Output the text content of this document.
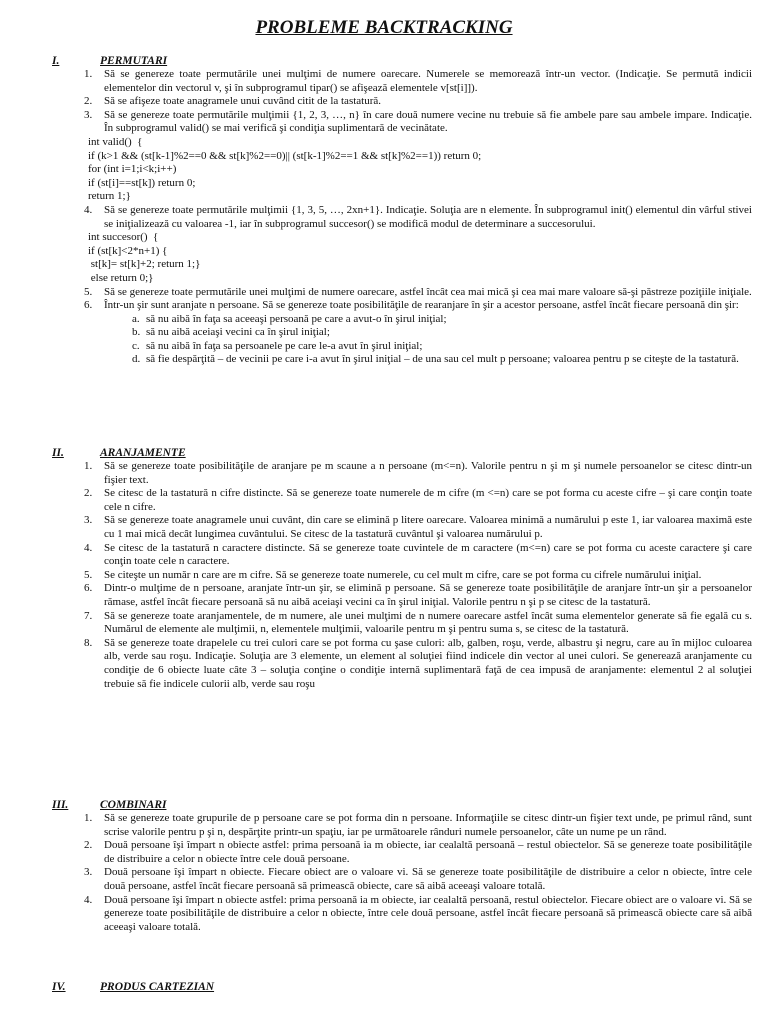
PROBLEME BACKTRACKING
I.	PERMUTARI
1.	Să se genereze toate permutările unei mulţimi de numere oarecare. Numerele se memorează într-un vector. (Indicaţie. Se permută indicii elementelor din vectorul v, şi în subprogramul tipar() se afişează elementele v[st[i]]).
2.	Să se afişeze toate anagramele unui cuvând citit de la tastatură.
3.	Să se genereze toate permutările mulţimii {1, 2, 3, …, n} în care două numere vecine nu trebuie să fie ambele pare sau ambele impare. Indicaţie. În subprogramul valid() se mai verifică şi condiţia suplimentară de vecinătate.
int valid()  {
if (k>1 && (st[k-1]%2==0 && st[k]%2==0)|| (st[k-1]%2==1 && st[k]%2==1)) return 0;
for (int i=1;i<k;i++)
if (st[i]==st[k]) return 0;
return 1;}
4.	Să se genereze toate permutările mulţimii {1, 3, 5, …, 2xn+1}. Indicaţie. Soluţia are n elemente. În subprogramul init() elementul din vârful stivei se iniţializează cu valoarea -1, iar în subprogramul succesor() se modifică modul de determinare a succesorului.
int succesor()  {
if (st[k]<2*n+1) {
st[k]= st[k]+2; return 1;}
else return 0;}
5.	Să se genereze toate permutările unei mulţimi de numere oarecare, astfel încât cea mai mică şi cea mai mare valoare să-şi păstreze poziţiile iniţiale.
6.	Într-un şir sunt aranjate n persoane. Să se genereze toate posibilităţile de rearanjare în şir a acestor persoane, astfel încât fiecare persoană din şir:
a. să nu aibă în faţa sa aceeaşi persoană pe care a avut-o în şirul iniţial;
b. să nu aibă aceiaşi vecini ca în şirul iniţial;
c. să nu aibă în faţa sa persoanele pe care le-a avut în şirul iniţial;
d. să fie despărţită – de vecinii pe care i-a avut în şirul iniţial – de una sau cel mult p persoane; valoarea pentru p se citeşte de la tastatură.
II.	ARANJAMENTE
1.	Să se genereze toate posibilităţile de aranjare pe m scaune a n persoane (m<=n). Valorile pentru n şi m şi numele persoanelor se citesc dintr-un fişier text.
2.	Se citesc de la tastatură n cifre distincte. Să se genereze toate numerele de m cifre (m <=n) care se pot forma cu aceste cifre – şi care conţin toate cele n cifre.
3.	Să se genereze toate anagramele unui cuvânt, din care se elimină p litere oarecare. Valoarea minimă a numărului p este 1, iar valoarea maximă este cu 1 mai mică decât lungimea cuvântului. Se citesc de la tastatură cuvântul şi valoarea numărului p.
4.	Se citesc de la tastatură n caractere distincte. Să se genereze toate cuvintele de m caractere (m<=n) care se pot forma cu aceste caractere şi care conţin toate cele n caractere.
5.	Se citeşte un număr n care are m cifre. Să se genereze toate numerele, cu cel mult m cifre, care se pot forma cu cifrele numărului iniţial.
6.	Dintr-o mulţime de n persoane, aranjate într-un şir, se elimină p persoane. Să se genereze toate posibilităţile de aranjare într-un şir a persoanelor rămase, astfel încât fiecare persoană să nu aibă aceiaşi vecini ca în şirul iniţial. Valorile pentru n şi p se citesc de la tastatură.
7.	Să se genereze toate aranjamentele, de m numere, ale unei mulţimi de n numere oarecare astfel încât suma elementelor generate să fie egală cu s. Numărul de elemente ale mulţimii, n, elementele mulţimii, valoarile pentru m şi pentru suma s, se citesc de la tastatură.
8.	Să se genereze toate drapelele cu trei culori care se pot forma cu şase culori: alb, galben, roşu, verde, albastru şi negru, care au în mijloc culoarea alb, verde sau roşu. Indicaţie. Soluţia are 3 elemente, un element al soluţiei fiind indicele din vector al unei culori. Se generează aranjamente cu condiţie de 6 obiecte luate câte 3 – soluţia conţine o condiţie internă suplimentară faţă de cea impusă de aranjamente: elementul 2 al soluţiei trebuie să fie indicele culorii alb, verde sau roşu
III.	COMBINARI
1.	Să se genereze toate grupurile de p persoane care se pot forma din n persoane. Informaţiile se citesc dintr-un fişier text unde, pe primul rând, sunt scrise valorile pentru p şi n, despărţite printr-un spaţiu, iar pe următoarele rânduri numele persoanelor, câte un nume pe un rând.
2.	Două persoane îşi împart n obiecte astfel: prima persoană ia m obiecte, iar cealaltă persoană – restul obiectelor. Să se genereze toate posibilităţile de distribuire a celor n obiecte între cele două persoane.
3.	Două persoane îşi împart n obiecte. Fiecare obiect are o valoare vi. Să se genereze toate posibilităţile de distribuire a celor n obiecte, între cele două persoane, astfel încât fiecare persoană să primească obiecte, care să aibă aceeaşi valoare totală.
4.	Două persoane îşi împart n obiecte astfel: prima persoană ia m obiecte, iar cealaltă persoană, restul obiectelor. Fiecare obiect are o valoare vi. Să se genereze toate posibilităţile de distribuire a celor n obiecte, între cele două persoane, astfel încât fiecare persoană să primească obiecte care să aibă aceeaşi valoare totală.
IV.	PRODUS CARTEZIAN
